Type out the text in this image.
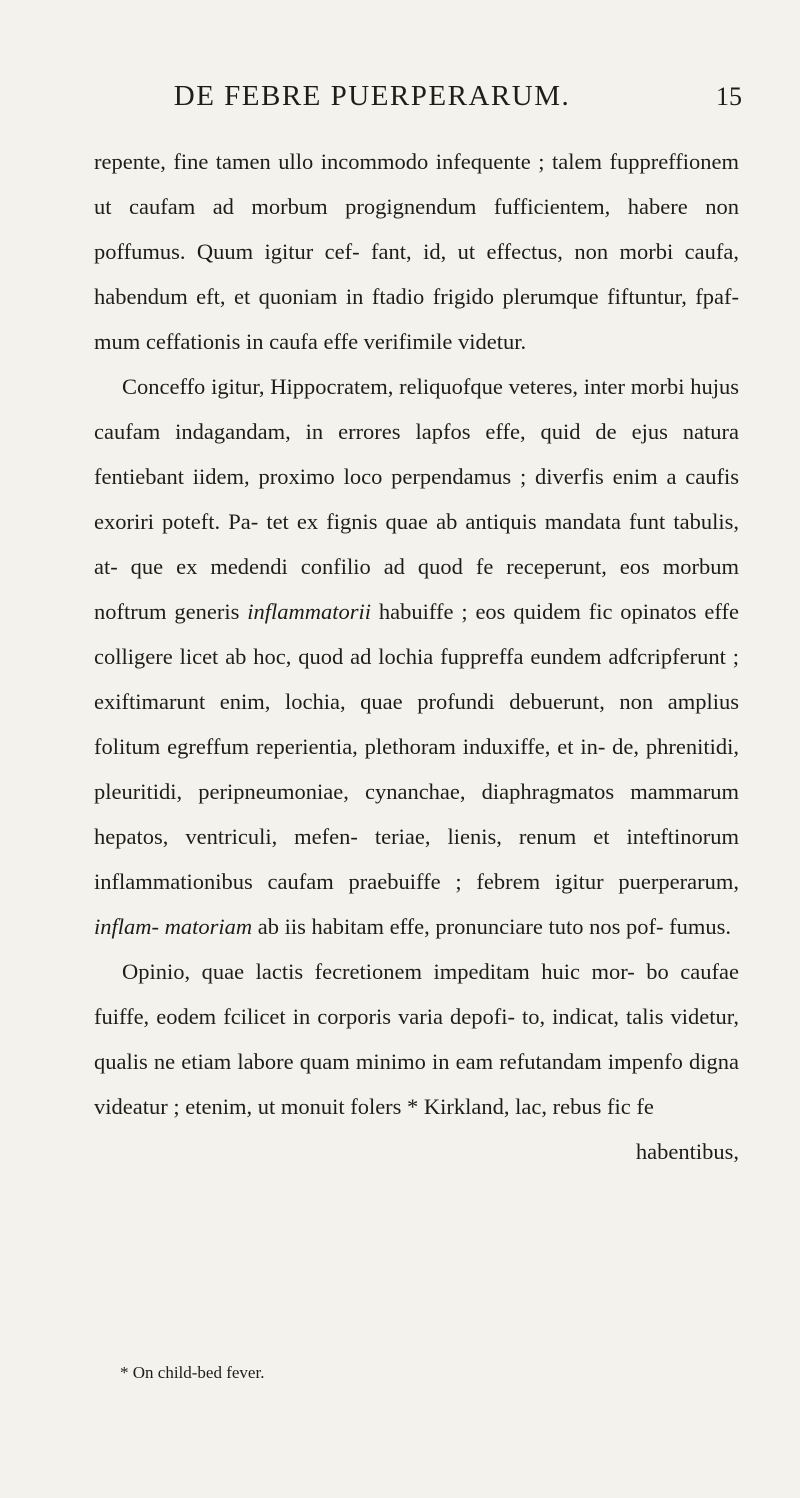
DE FEBRE PUERPERARUM.	15

repente, fine tamen ullo incommodo infequente ; talem fuppreffionem ut caufam ad morbum progignendum fufficientem, habere non poffumus. Quum igitur cef- fant, id, ut effectus, non morbi caufa, habendum eft, et quoniam in ftadio frigido plerumque fiftuntur, fpaf- mum ceffationis in caufa effe verifimile videtur.

Conceffo igitur, Hippocratem, reliquofque veteres, inter morbi hujus caufam indagandam, in errores lapfos effe, quid de ejus natura fentiebant iidem, proximo loco perpendamus ; diverfis enim a caufis exoriri poteft. Pa- tet ex fignis quae ab antiquis mandata funt tabulis, at- que ex medendi confilio ad quod fe receperunt, eos morbum noftrum generis inflammatorii habuiffe ; eos quidem fic opinatos effe colligere licet ab hoc, quod ad lochia fuppreffa eundem adfcripferunt ; exiftimarunt enim, lochia, quae profundi debuerunt, non amplius folitum egreffum reperientia, plethoram induxiffe, et in- de, phrenitidi, pleuritidi, peripneumoniae, cynanchae, diaphragmatos mammarum hepatos, ventriculi, mefen- teriae, lienis, renum et inteftinorum inflammationibus caufam praebuiffe ; febrem igitur puerperarum, inflam- matoriam ab iis habitam effe, pronunciare tuto nos pof- fumus.

Opinio, quae lactis fecretionem impeditam huic mor- bo caufae fuiffe, eodem fcilicet in corporis varia depofi- to, indicat, talis videtur, qualis ne etiam labore quam minimo in eam refutandam impenfo digna videatur ; etenim, ut monuit folers * Kirkland, lac, rebus fic fe

habentibus,
* On child-bed fever.
